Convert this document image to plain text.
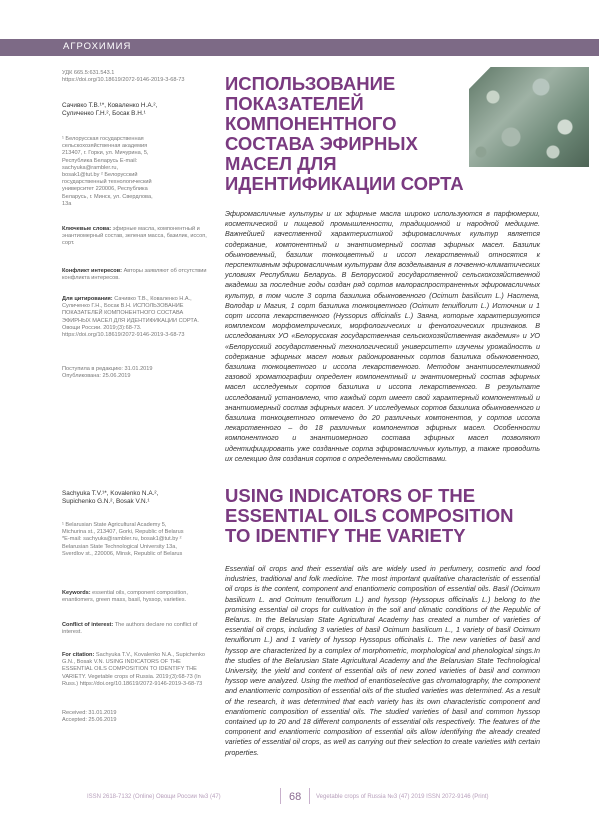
АГРОХИМИЯ
УДК 665.5:631.543.1
https://doi.org/10.18619/2072-9146-2019-3-68-73
Сачивко Т.В.¹*, Коваленко Н.А.²,
Суличенко Г.Н.², Босак В.Н.¹
¹ Белорусская государственная сельскохозяйственная академия 213407, г. Горки, ул. Мичурина, 5, Республика Беларусь E-mail: sachyuka@rambler.ru, bosak1@tut.by ² Белорусский государственный технологический университет 220006, Республика Беларусь, г. Минск, ул. Свердлова, 13а
Ключевые слова: эфирные масла, компонентный и энантиомерный состав, зеленая масса, базилик, иссоп, сорт.
Конфликт интересов: Авторы заявляют об отсутствии конфликта интересов.
Для цитирования: Сачивко Т.В., Коваленко Н.А., Суличенко Г.Н., Босак В.Н. ИСПОЛЬЗОВАНИЕ ПОКАЗАТЕЛЕЙ КОМПОНЕНТНОГО СОСТАВА ЭФИРНЫХ МАСЕЛ ДЛЯ ИДЕНТИФИКАЦИИ СОРТА. Овощи России. 2019;(3):68-73. https://doi.org/10.18619/2072-9146-2019-3-68-73
Поступила в редакцию: 31.01.2019
Опубликована: 25.06.2019
ИСПОЛЬЗОВАНИЕ ПОКАЗАТЕЛЕЙ КОМПОНЕНТНОГО СОСТАВА ЭФИРНЫХ МАСЕЛ ДЛЯ ИДЕНТИФИКАЦИИ СОРТА
Эфиромасличные культуры и их эфирные масла широко используются в парфюмерии, косметической и пищевой промышленности, традиционной и народной медицине. Важнейшей качественной характеристикой эфиромасличных культур является содержание, компонентный и энантиомерный состав эфирных масел. Базилик обыкновенный, базилик тонкоцветный и иссоп лекарственный относятся к перспективным эфиромасличным культурам для возделывания в почвенно-климатических условиях Республики Беларусь. В Белорусской государственной сельскохозяйственной академии за последние годы создан ряд сортов малораспространенных эфиромасличных культур, в том числе 3 сорта базилика обыкновенного (Ocimum basilicum L.) Настена, Володар и Магия, 1 сорт базилика тонкоцветного (Ocimum tenuiflorum L.) Источник и 1 сорт иссопа лекарственного (Hyssopus officinalis L.) Заяна, которые характеризуются комплексом морфометрических, морфологических и фенологических признаков. В исследованиях УО «Белорусская государственная сельскохозяйственная академия» и УО «Белорусский государственный технологический университет» изучены урожайность и содержание эфирных масел новых районированных сортов базилика обыкновенного, базилика тонкоцветного и иссопа лекарственного. Методом энантиоселективной газовой хроматографии определен компонентный и энантиомерный состав эфирных масел исследуемых сортов базилика и иссопа лекарственного. В результате исследований установлено, что каждый сорт имеет свой характерный компонентный и энантиомерный состав эфирных масел. У исследуемых сортов базилика обыкновенного и базилика тонкоцветного отмечено до 20 различных компонентов, у сортов иссопа лекарственного – до 18 различных компонентов эфирных масел. Особенности компонентного и энантиомерного состава эфирных масел позволяют идентифицировать уже созданные сорта эфиромасличных культур, а также проводить их селекцию для создания сортов с определенными свойствами.
Sachyuka T.V.¹*, Kovalenko N.A.²,
Supichenko G.N.², Bosak V.N.¹
¹ Belarusian State Agricultural Academy 5, Michurina st., 213407, Gorki, Republic of Belarus *E-mail: sachyuka@rambler.ru, bosak1@tut.by ² Belarusian State Technological University 13a, Sverdlov st., 220006, Minsk, Republic of Belarus
Keywords: essential oils, component composition, enantiomers, green mass, basil, hyssop, varieties.
Conflict of interest: The authors declare no conflict of interest.
For citation: Sachyuka T.V., Kovalenko N.A., Supichenko G.N., Bosak V.N. USING INDICATORS OF THE ESSENTIAL OILS COMPOSITION TO IDENTIFY THE VARIETY. Vegetable crops of Russia. 2019;(3):68-73 (In Russ.) https://doi.org/10.18619/2072-9146-2019-3-68-73
Received: 31.01.2019
Accepted: 25.06.2019
USING INDICATORS OF THE ESSENTIAL OILS COMPOSITION TO IDENTIFY THE VARIETY
Essential oil crops and their essential oils are widely used in perfumery, cosmetic and food industries, traditional and folk medicine. The most important qualitative characteristic of essential oil crops is the content, component and enantiomeric composition of essential oils. Basil (Ocimum basilicum L. and Ocimum tenuiflorum L.) and hyssop (Hyssopus officinalis L.) belong to the promising essential oil crops for cultivation in the soil and climatic conditions of the Republic of Belarus. In the Belarusian State Agricultural Academy has created a number of varieties of essential oil crops, including 3 varieties of basil Ocimum basilicum L., 1 variety of basil Ocimum tenuiflorum L.) and 1 variety of hyssop Hyssopus officinalis L. The new varieties of basil and hyssop are characterized by a complex of morphometric, morphological and phenological sings.In the studies of the Belarusian State Agricultural Academy and the Belarusian State Technological University, the yield and content of essential oils of new zoned varieties of basil and common hyssop were analyzed. Using the method of enantioselective gas chromatography, the component and enantiomeric composition of essential oils of the studied varieties was determined. As a result of the research, it was determined that each variety has its own characteristic component and enantiomeric composition of essential oils. The studied varieties of basil and common hyssop contained up to 20 and 18 different components of essential oils respectively. The features of the component and enantiomeric composition of essential oils allow identifying the already created varieties of essential oil crops, as well as carrying out their selection to create varieties with certain properties.
ISSN 2618-7132 (Online) Овощи России №3 (47)	68 Vegetable crops of Russia №3 (47) 2019 ISSN 2072-9146 (Print)
